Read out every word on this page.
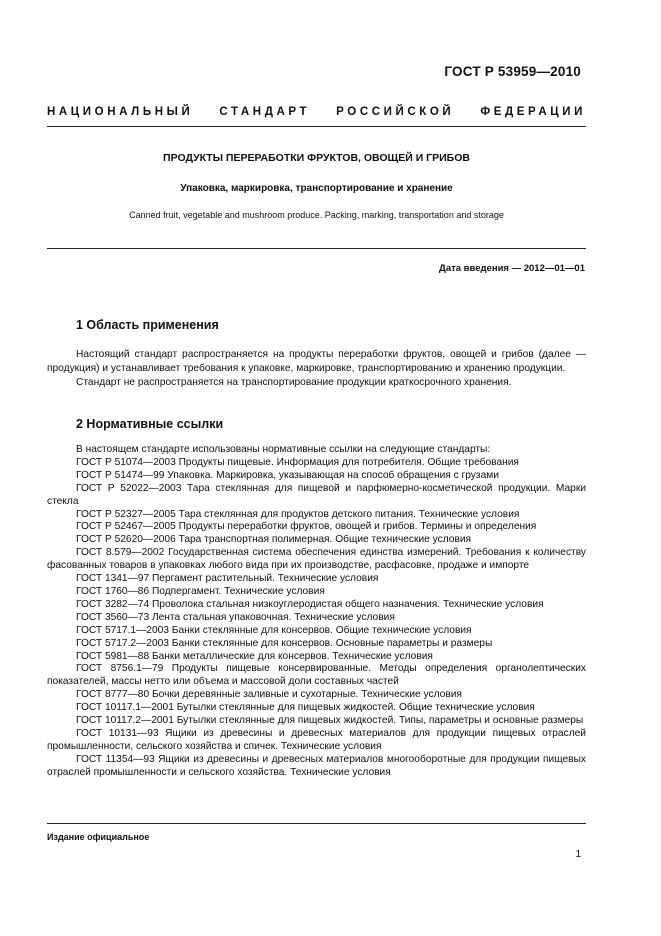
ГОСТ Р 53959—2010
НАЦИОНАЛЬНЫЙ СТАНДАРТ РОССИЙСКОЙ ФЕДЕРАЦИИ
ПРОДУКТЫ ПЕРЕРАБОТКИ ФРУКТОВ, ОВОЩЕЙ И ГРИБОВ
Упаковка, маркировка, транспортирование и хранение
Canned fruit, vegetable and mushroom produce. Packing, marking, transportation and storage
Дата введения — 2012—01—01
1 Область применения

Настоящий стандарт распространяется на продукты переработки фруктов, овощей и грибов (далее — продукция) и устанавливает требования к упаковке, маркировке, транспортированию и хранению продукции.

Стандарт не распространяется на транспортирование продукции краткосрочного хранения.

2 Нормативные ссылки

В настоящем стандарте использованы нормативные ссылки на следующие стандарты:

ГОСТ Р 51074—2003 Продукты пищевые. Информация для потребителя. Общие требования

ГОСТ Р 51474—99 Упаковка. Маркировка, указывающая на способ обращения с грузами

ГОСТ Р 52022—2003 Тара стеклянная для пищевой и парфюмерно-косметической продукции. Марки стекла

ГОСТ Р 52327—2005 Тара стеклянная для продуктов детского питания. Технические условия

ГОСТ Р 52467—2005 Продукты переработки фруктов, овощей и грибов. Термины и определения

ГОСТ Р 52620—2006 Тара транспортная полимерная. Общие технические условия

ГОСТ 8.579—2002 Государственная система обеспечения единства измерений. Требования к количеству фасованных товаров в упаковках любого вида при их производстве, расфасовке, продаже и импорте

ГОСТ 1341—97 Пергамент растительный. Технические условия

ГОСТ 1760—86 Подпергамент. Технические условия

ГОСТ 3282—74 Проволока стальная низкоуглеродистая общего назначения. Технические условия

ГОСТ 3560—73 Лента стальная упаковочная. Технические условия

ГОСТ 5717.1—2003 Банки стеклянные для консервов. Общие технические условия

ГОСТ 5717.2—2003 Банки стеклянные для консервов. Основные параметры и размеры

ГОСТ 5981—88 Банки металлические для консервов. Технические условия

ГОСТ 8756.1—79 Продукты пищевые консервированные. Методы определения органолептических показателей, массы нетто или объема и массовой доли составных частей

ГОСТ 8777—80 Бочки деревянные заливные и сухотарные. Технические условия

ГОСТ 10117.1—2001 Бутылки стеклянные для пищевых жидкостей. Общие технические условия

ГОСТ 10117.2—2001 Бутылки стеклянные для пищевых жидкостей. Типы, параметры и основные размеры

ГОСТ 10131—93 Ящики из древесины и древесных материалов для продукции пищевых отраслей промышленности, сельского хозяйства и спичек. Технические условия

ГОСТ 11354—93 Ящики из древесины и древесных материалов многооборотные для продукции пищевых отраслей промышленности и сельского хозяйства. Технические условия

Издание официальное
1
